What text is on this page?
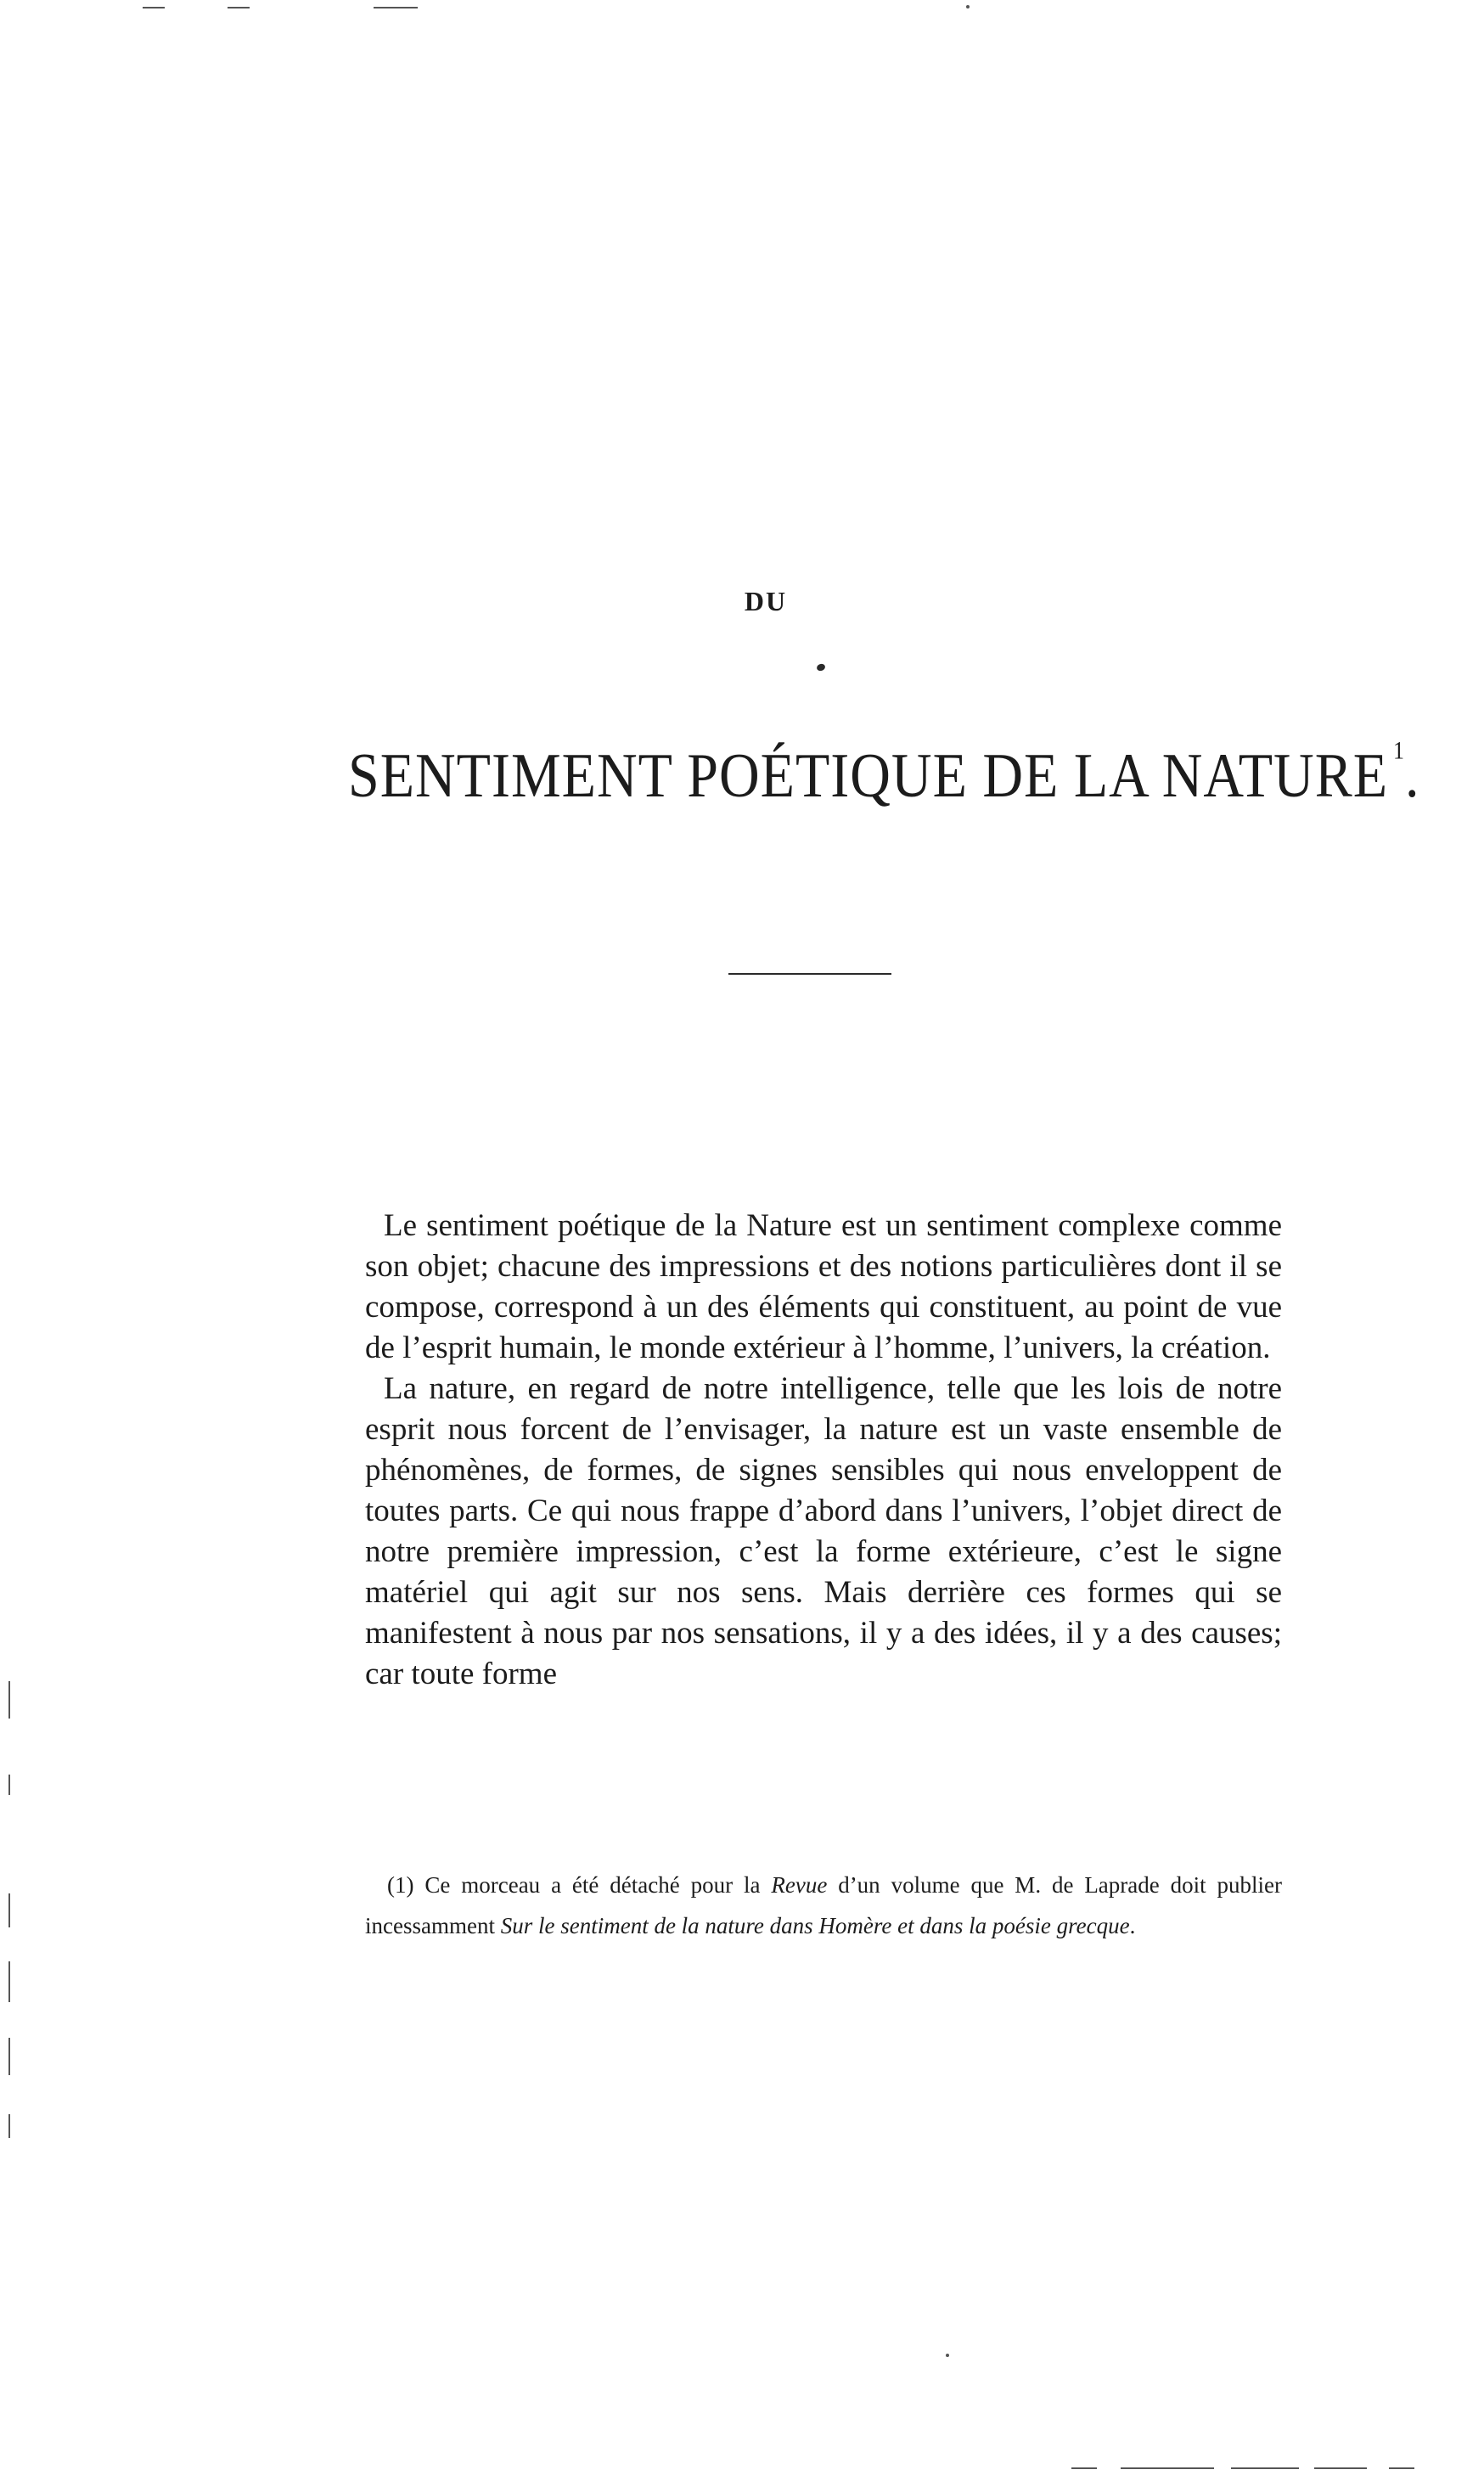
DU
SENTIMENT POÉTIQUE DE LA NATURE $^1$.

Le sentiment poétique de la Nature est un sentiment complexe comme son objet; chacune des impressions et des notions particulières dont il se compose, correspond à un des éléments qui constituent, au point de vue de l’esprit humain, le monde extérieur à l’homme, l’univers, la création.

La nature, en regard de notre intelligence, telle que les lois de notre esprit nous forcent de l’envisager, la nature est un vaste ensemble de phénomènes, de formes, de signes sensibles qui nous enveloppent de toutes parts. Ce qui nous frappe d’abord dans l’univers, l’objet direct de notre première impression, c’est la forme extérieure, c’est le signe matériel qui agit sur nos sens. Mais derrière ces formes qui se manifestent à nous par nos sensations, il y a des idées, il y a des causes; car toute forme

(1) Ce morceau a été détaché pour la Revue d’un volume que M. de Laprade doit publier incessamment Sur le sentiment de la nature dans Homère et dans la poésie grecque.
